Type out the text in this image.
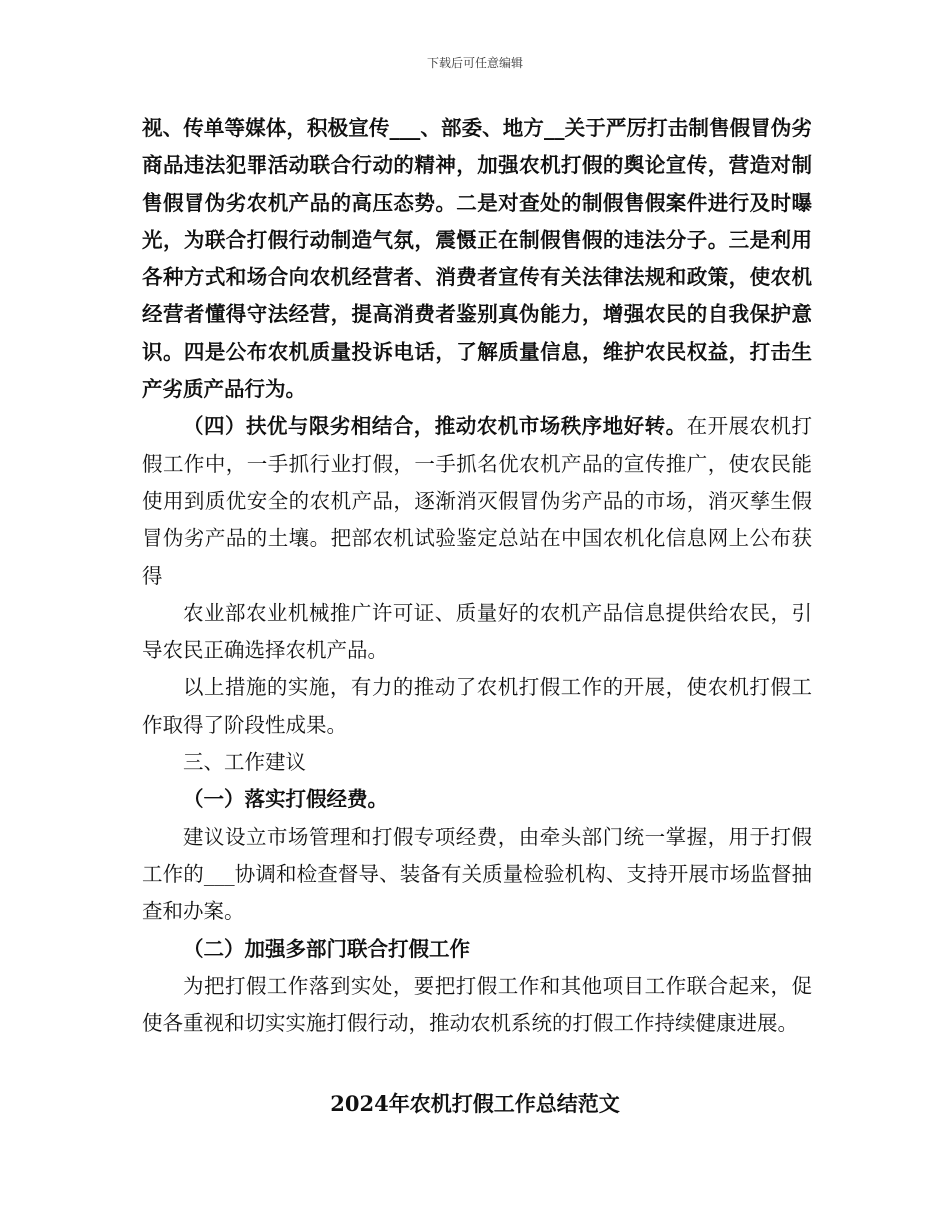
下载后可任意编辑

视、传单等媒体，积极宣传___、部委、地方__关于严厉打击制售假冒伪劣商品违法犯罪活动联合行动的精神，加强农机打假的舆论宣传，营造对制售假冒伪劣农机产品的高压态势。二是对查处的制假售假案件进行及时曝光，为联合打假行动制造气氛，震慑正在制假售假的违法分子。三是利用各种方式和场合向农机经营者、消费者宣传有关法律法规和政策，使农机经营者懂得守法经营，提高消费者鉴别真伪能力，增强农民的自我保护意识。四是公布农机质量投诉电话，了解质量信息，维护农民权益，打击生产劣质产品行为。

（四）扶优与限劣相结合，推动农机市场秩序地好转。在开展农机打假工作中，一手抓行业打假，一手抓名优农机产品的宣传推广，使农民能使用到质优安全的农机产品，逐渐消灭假冒伪劣产品的市场，消灭孳生假冒伪劣产品的土壤。把部农机试验鉴定总站在中国农机化信息网上公布获得

农业部农业机械推广许可证、质量好的农机产品信息提供给农民，引导农民正确选择农机产品。

以上措施的实施，有力的推动了农机打假工作的开展，使农机打假工作取得了阶段性成果。

三、工作建议

（一）落实打假经费。

建议设立市场管理和打假专项经费，由牵头部门统一掌握，用于打假工作的___协调和检查督导、装备有关质量检验机构、支持开展市场监督抽查和办案。

（二）加强多部门联合打假工作

为把打假工作落到实处，要把打假工作和其他项目工作联合起来，促使各重视和切实实施打假行动，推动农机系统的打假工作持续健康进展。

2024年农机打假工作总结范文
